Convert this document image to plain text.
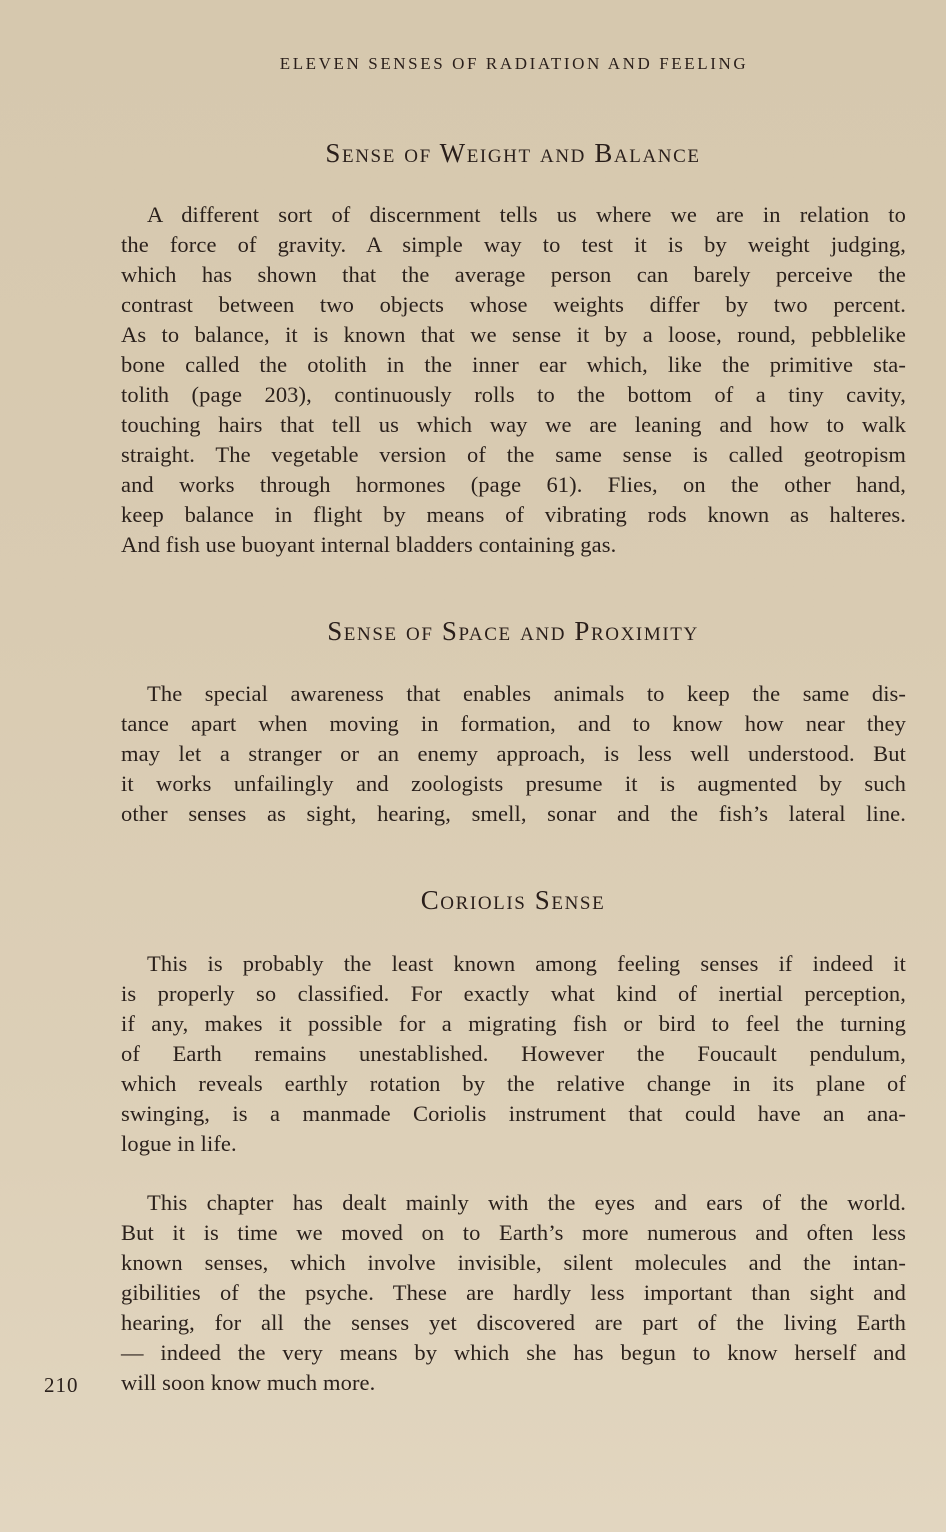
ELEVEN SENSES OF RADIATION AND FEELING
Sense of Weight and Balance
A different sort of discernment tells us where we are in relation to
the force of gravity. A simple way to test it is by weight judging,
which has shown that the average person can barely perceive the
contrast between two objects whose weights differ by two percent.
As to balance, it is known that we sense it by a loose, round, pebblelike
bone called the otolith in the inner ear which, like the primitive sta-
tolith (page 203), continuously rolls to the bottom of a tiny cavity,
touching hairs that tell us which way we are leaning and how to walk
straight. The vegetable version of the same sense is called geotropism
and works through hormones (page 61). Flies, on the other hand,
keep balance in flight by means of vibrating rods known as halteres.
And fish use buoyant internal bladders containing gas.
Sense of Space and Proximity
The special awareness that enables animals to keep the same dis-
tance apart when moving in formation, and to know how near they
may let a stranger or an enemy approach, is less well understood. But
it works unfailingly and zoologists presume it is augmented by such
other senses as sight, hearing, smell, sonar and the fish’s lateral line.
Coriolis Sense
This is probably the least known among feeling senses if indeed it
is properly so classified. For exactly what kind of inertial perception,
if any, makes it possible for a migrating fish or bird to feel the turning
of Earth remains unestablished. However the Foucault pendulum,
which reveals earthly rotation by the relative change in its plane of
swinging, is a manmade Coriolis instrument that could have an ana-
logue in life.
This chapter has dealt mainly with the eyes and ears of the world.
But it is time we moved on to Earth’s more numerous and often less
known senses, which involve invisible, silent molecules and the intan-
gibilities of the psyche. These are hardly less important than sight and
hearing, for all the senses yet discovered are part of the living Earth
— indeed the very means by which she has begun to know herself and
will soon know much more.
210
